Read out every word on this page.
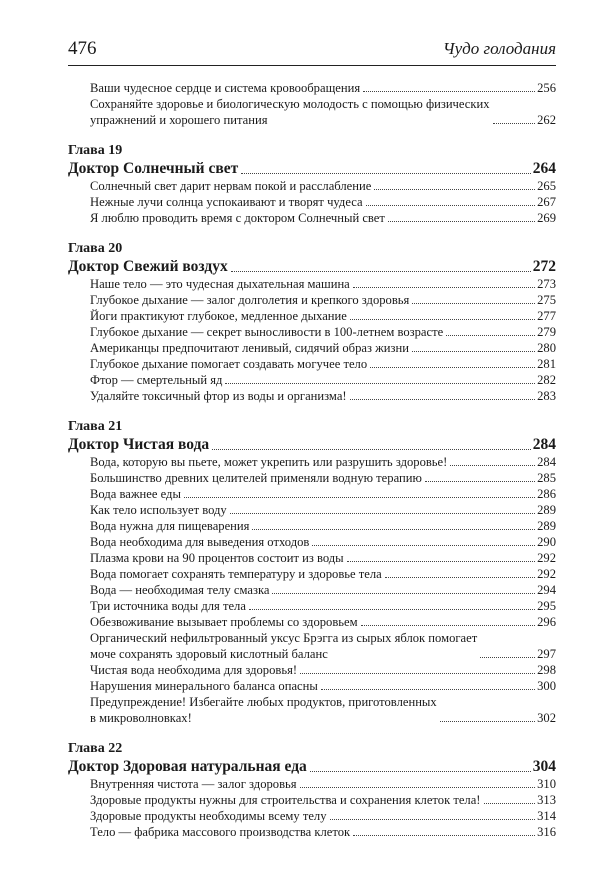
476	Чудо голодания
Ваши чудесное сердце и система кровообращения	256
Сохраняйте здоровье и биологическую молодость с помощью физических
упражнений и хорошего питания	262
Глава 19
Доктор Солнечный свет	264
Солнечный свет дарит нервам покой и расслабление	265
Нежные лучи солнца успокаивают и творят чудеса	267
Я люблю проводить время с доктором Солнечный свет	269
Глава 20
Доктор Свежий воздух	272
Наше тело — это чудесная дыхательная машина	273
Глубокое дыхание — залог долголетия и крепкого здоровья	275
Йоги практикуют глубокое, медленное дыхание	277
Глубокое дыхание — секрет выносливости в 100-летнем возрасте	279
Американцы предпочитают ленивый, сидячий образ жизни	280
Глубокое дыхание помогает создавать могучее тело	281
Фтор — смертельный яд	282
Удаляйте токсичный фтор из воды и организма!	283
Глава 21
Доктор Чистая вода	284
Вода, которую вы пьете, может укрепить или разрушить здоровье!	284
Большинство древних целителей применяли водную терапию	285
Вода важнее еды	286
Как тело использует воду	289
Вода нужна для пищеварения	289
Вода необходима для выведения отходов	290
Плазма крови на 90 процентов состоит из воды	292
Вода помогает сохранять температуру и здоровье тела	292
Вода — необходимая телу смазка	294
Три источника воды для тела	295
Обезвоживание вызывает проблемы со здоровьем	296
Органический нефильтрованный уксус Брэгга из сырых яблок помогает
моче сохранять здоровый кислотный баланс	297
Чистая вода необходима для здоровья!	298
Нарушения минерального баланса опасны	300
Предупреждение! Избегайте любых продуктов, приготовленных
в микроволновках!	302
Глава 22
Доктор Здоровая натуральная еда	304
Внутренняя чистота — залог здоровья	310
Здоровые продукты нужны для строительства и сохранения клеток тела!	313
Здоровые продукты необходимы всему телу	314
Тело — фабрика массового производства клеток	316
